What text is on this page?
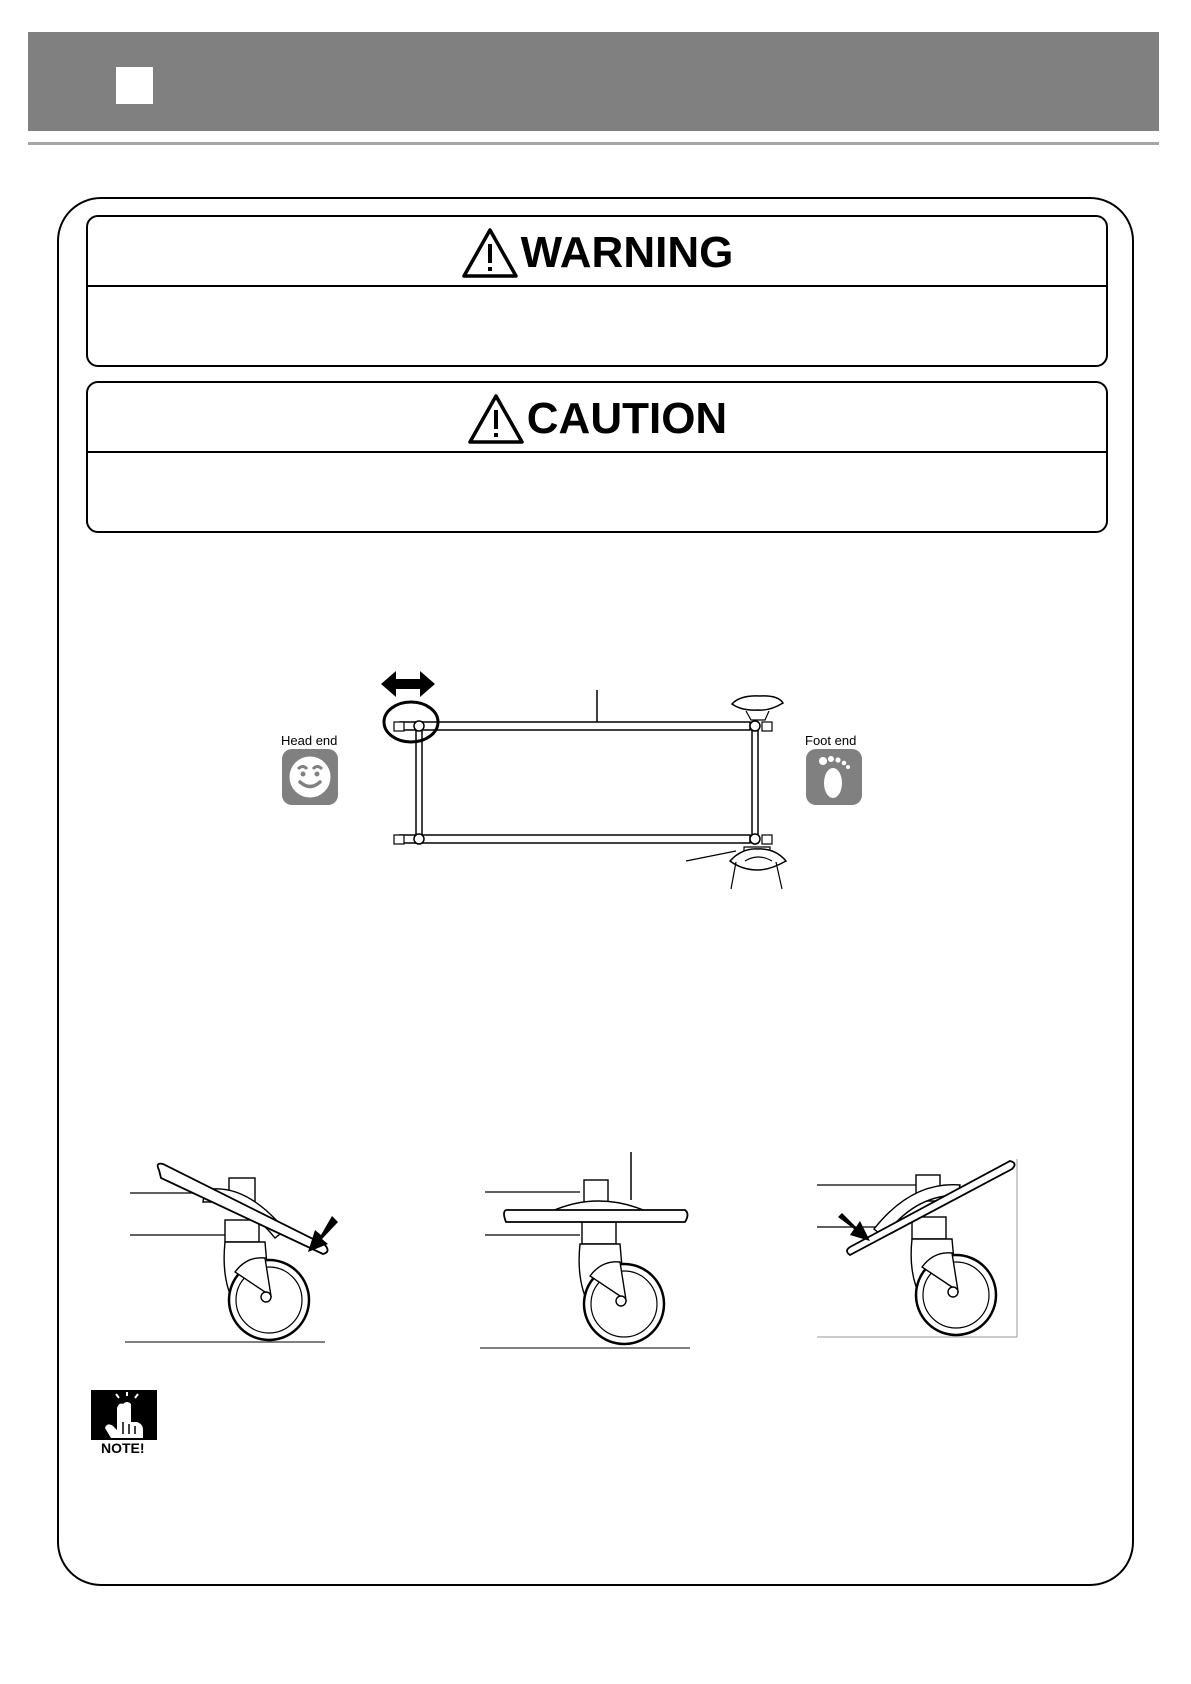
WARNING
CAUTION
Head end	Foot end
NOTE!
